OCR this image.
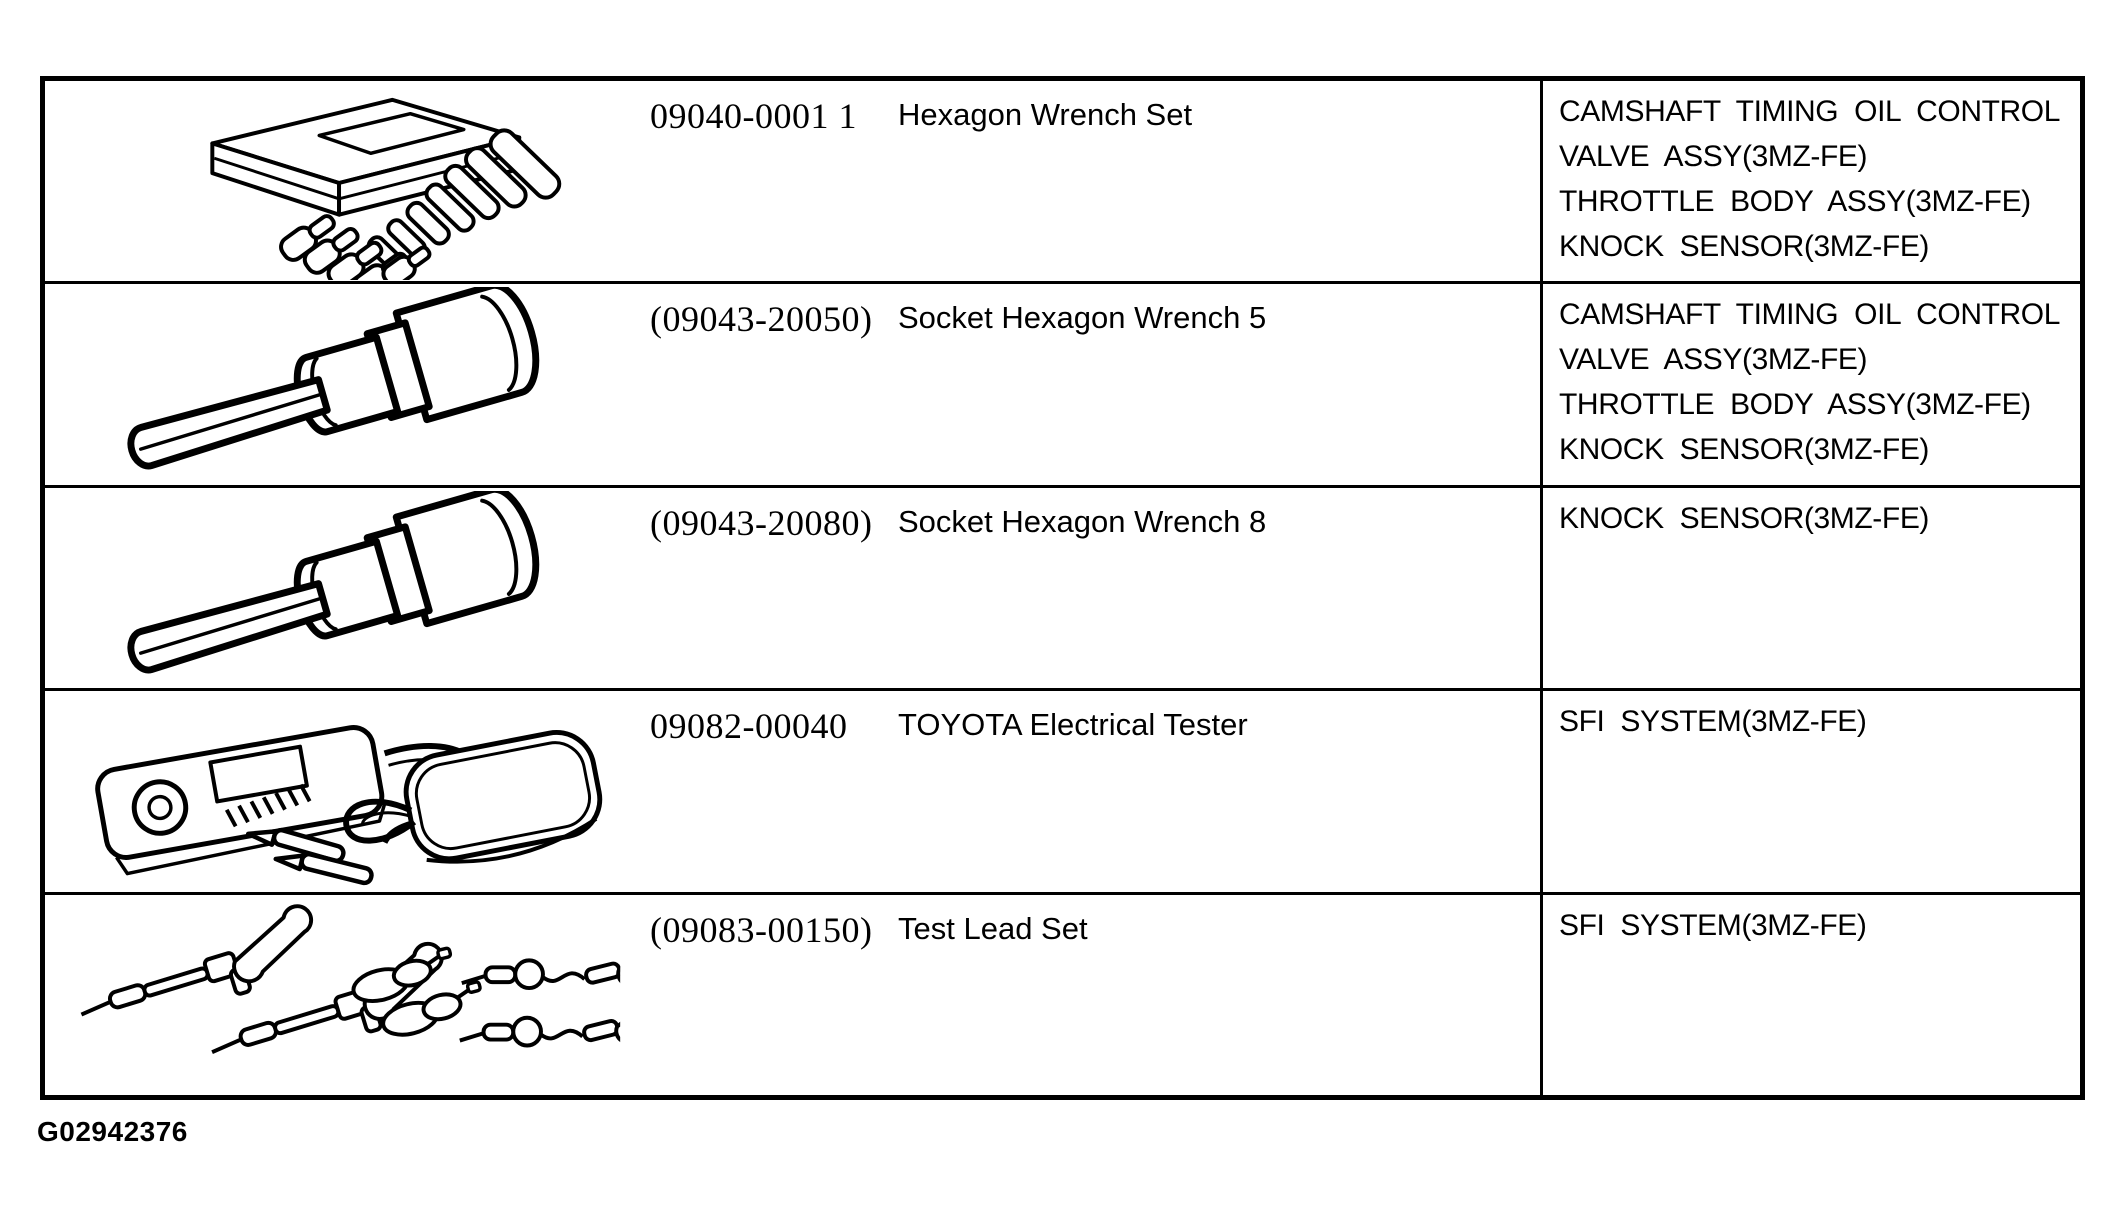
09040-0001 1 Hexagon Wrench Set	CAMSHAFT TIMING OIL CONTROL
VALVE ASSY(3MZ-FE)
THROTTLE BODY ASSY(3MZ-FE)
KNOCK SENSOR(3MZ-FE)
(09043-20050) Socket Hexagon Wrench 5	CAMSHAFT TIMING OIL CONTROL
VALVE ASSY(3MZ-FE)
THROTTLE BODY ASSY(3MZ-FE)
KNOCK SENSOR(3MZ-FE)
(09043-20080) Socket Hexagon Wrench 8	KNOCK SENSOR(3MZ-FE)
09082-00040 TOYOTA Electrical Tester	SFI SYSTEM(3MZ-FE)
(09083-00150) Test Lead Set	SFI SYSTEM(3MZ-FE)
G02942376
